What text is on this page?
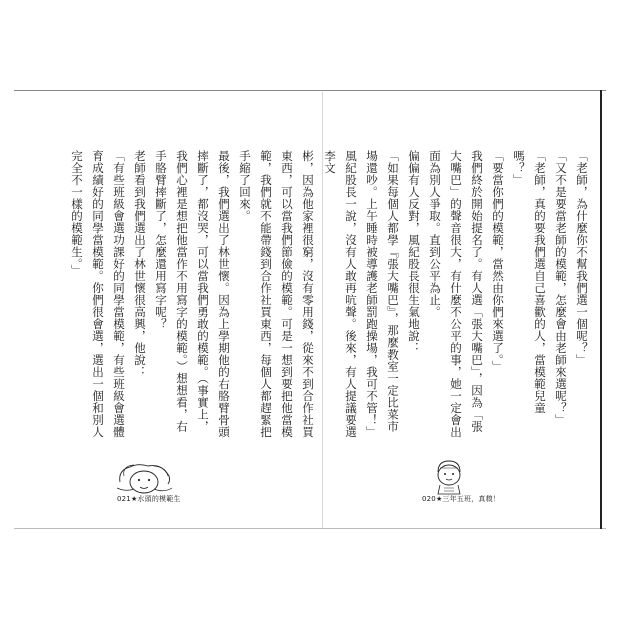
彬，因為他家裡很窮，沒有零用錢，從來不到合作社買東西，可以當我們節儉的模範。可是一想到要把他當模範，我們就不能帶錢到合作社買東西，每個人都趕緊把手縮了回來。

最後，我們選出了林世懷。因為上學期他的右胳臂骨頭摔斷了，都沒哭，可以當我們勇敢的模範。（事實上，我們心裡是想把他當作不用寫字的模範。）想想看，右手胳臂摔斷了，怎麼還用寫字呢？

老師看到我們選出了林世懷很高興，他說：

「有些班級會選功課好的同學當模範，有些班級會選體育成績好的同學當模範。你們很會選，選出一個和別人完全不一樣的模範生。」	「老師，為什麼你不幫我們選一個呢？」

「又不是要當老師的模範，怎麼會由老師來選呢？」

「老師，真的要我們選自己喜歡的人，當模範兒童嗎？」

「要當你們的模範，當然由你們來選了。」

我們終於開始提名了。有人選「張大嘴巴」，因為「張大嘴巴」的聲音很大，有什麼不公平的事，她一定會出面為別人爭取。直到公平為止。

偏偏有人反對，風紀股長很生氣地說：

「如果每個人都學『張大嘴巴』，那麼教室一定比菜市場還吵。上午睡時被導護老師罰跑操場，我可不管！」

風紀股長一說，沒有人敢再吭聲。後來，有人提議要選李文

021★水頭的模範生	020★三年五班，真糗！
